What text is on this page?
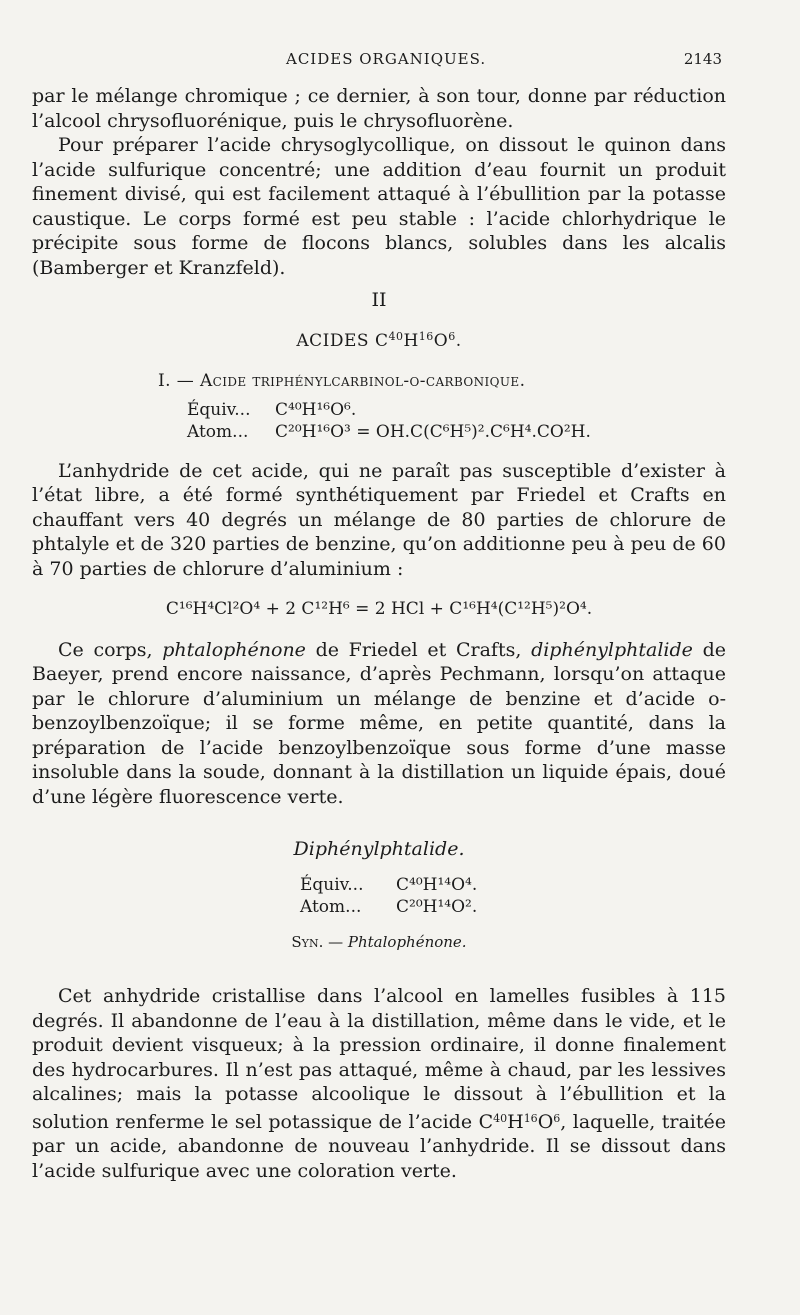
ACIDES ORGANIQUES.	2143

par le mélange chromique ; ce dernier, à son tour, donne par réduction l’alcool chrysofluorénique, puis le chrysofluorène.

Pour préparer l’acide chrysoglycollique, on dissout le quinon dans l’acide sulfurique concentré; une addition d’eau fournit un produit finement divisé, qui est facilement attaqué à l’ébullition par la potasse caustique. Le corps formé est peu stable : l’acide chlorhydrique le précipite sous forme de flocons blancs, solubles dans les alcalis (Bamberger et Kranzfeld).

II
ACIDES $C^{40}H^{16}O^6$.
I. — Acide triphénylcarbinol-o-carbonique.
Équiv... C⁴⁰H¹⁶O⁶.
Atom... C²⁰H¹⁶O³ = OH.C(C⁶H⁵)².C⁶H⁴.CO²H.

L’anhydride de cet acide, qui ne paraît pas susceptible d’exister à l’état libre, a été formé synthétiquement par Friedel et Crafts en chauffant vers 40 degrés un mélange de 80 parties de chlorure de phtalyle et de 320 parties de benzine, qu’on additionne peu à peu de 60 à 70 parties de chlorure d’aluminium :

C¹⁶H⁴Cl²O⁴ + 2 C¹²H⁶ = 2 HCl + C¹⁶H⁴(C¹²H⁵)²O⁴.

Ce corps, phtalophénone de Friedel et Crafts, diphénylphtalide de Baeyer, prend encore naissance, d’après Pechmann, lorsqu’on attaque par le chlorure d’aluminium un mélange de benzine et d’acide o-benzoylbenzoïque; il se forme même, en petite quantité, dans la préparation de l’acide benzoylbenzoïque sous forme d’une masse insoluble dans la soude, donnant à la distillation un liquide épais, doué d’une légère fluorescence verte.

Diphénylphtalide.
Équiv... C⁴⁰H¹⁴O⁴.
Atom... C²⁰H¹⁴O².
Syn. — Phtalophénone.

Cet anhydride cristallise dans l’alcool en lamelles fusibles à 115 degrés. Il abandonne de l’eau à la distillation, même dans le vide, et le produit devient visqueux; à la pression ordinaire, il donne finalement des hydrocarbures. Il n’est pas attaqué, même à chaud, par les lessives alcalines; mais la potasse alcoolique le dissout à l’ébullition et la solution renferme le sel potassique de l’acide $C^{40}H^{16}O^6$, laquelle, traitée par un acide, abandonne de nouveau l’anhydride. Il se dissout dans l’acide sulfurique avec une coloration verte.
